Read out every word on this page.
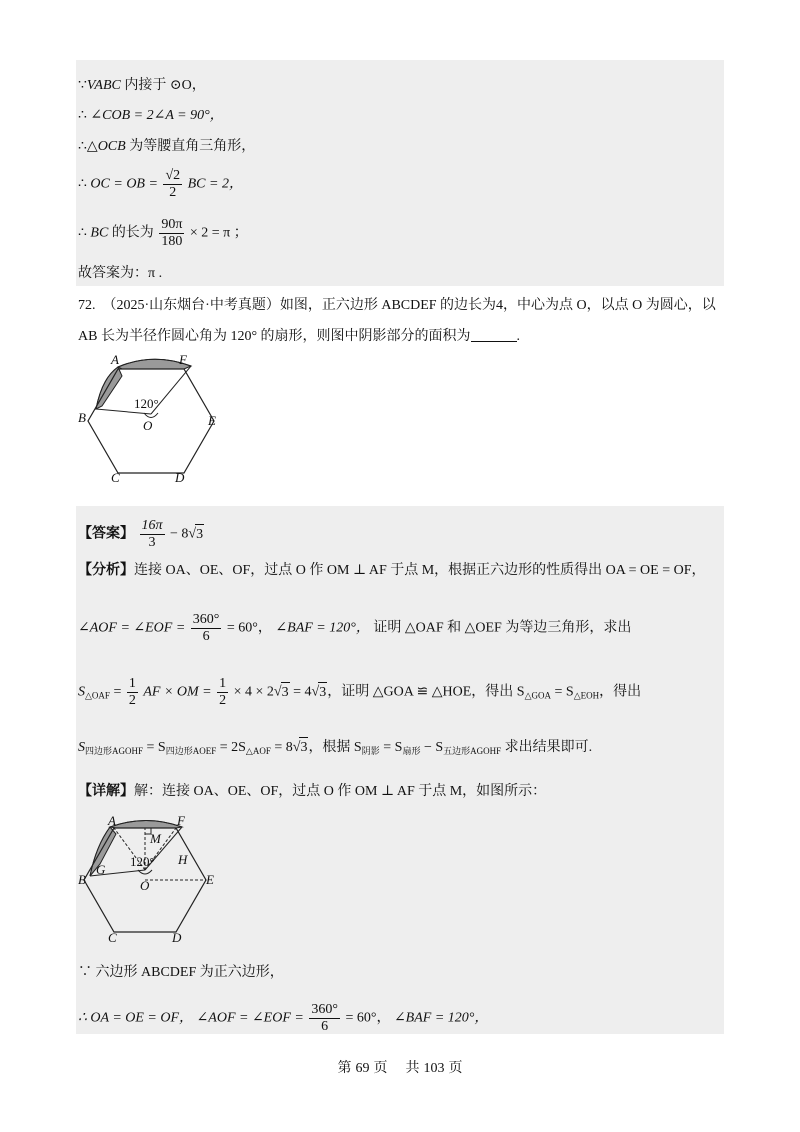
∵VABC 内接于 ⊙O，
∴ ∠COB = 2∠A = 90°，
∴△OCB 为等腰直角三角形，
∴ OC = OB = $\frac{√2}{2}$ BC = 2，
∴ BC 的长为 $\frac{90\pi}{180} \times 2 = \pi$ ；
故答案为：π .
72. （2025·山东烟台·中考真题）如图，正六边形 ABCDEF 的边长为4，中心为点 O，以点 O 为圆心，以
AB 长为半径作圆心角为 120° 的扇形，则图中阴影部分的面积为	.
120°
A	F
B	E
O
C	D
【答案】 $\frac{16\pi}{3} - 8√3$
【分析】连接 OA、OE、OF，过点 O 作 OM ⊥ AF 于点 M，根据正六边形的性质得出 OA = OE = OF，
∠AOF = ∠EOF = $\frac{360^\circ}{6} = 60^\circ$， ∠BAF = 120°， 证明 △OAF 和 △OEF 为等边三角形，求出
$S_{\triangle OAF} = \frac{1}{2}$ AF × OM = $\frac{1}{2} \times 4 \times 2√3 = 4√3$，证明 △GOA ≌ △HOE，得出 $S_{\triangle GOA} = S_{\triangle EOH}$，得出
$S_{四边形AGOHF} = S_{四边形AOEF} = 2S_{\triangle AOF} = 8√3$，根据 $S_{阴影} = S_{扇形} - S_{五边形AGOHF}$ 求出结果即可.
【详解】解：连接 OA、OE、OF，过点 O 作 OM ⊥ AF 于点 M，如图所示：
120°
A	F
M
G
H
B	E
O
C	D
∵ 六边形 ABCDEF 为正六边形，
∴ OA = OE = OF， ∠AOF = ∠EOF = $\frac{360^\circ}{6} = 60^\circ$， ∠BAF = 120°，
第 69 页 共 103 页
